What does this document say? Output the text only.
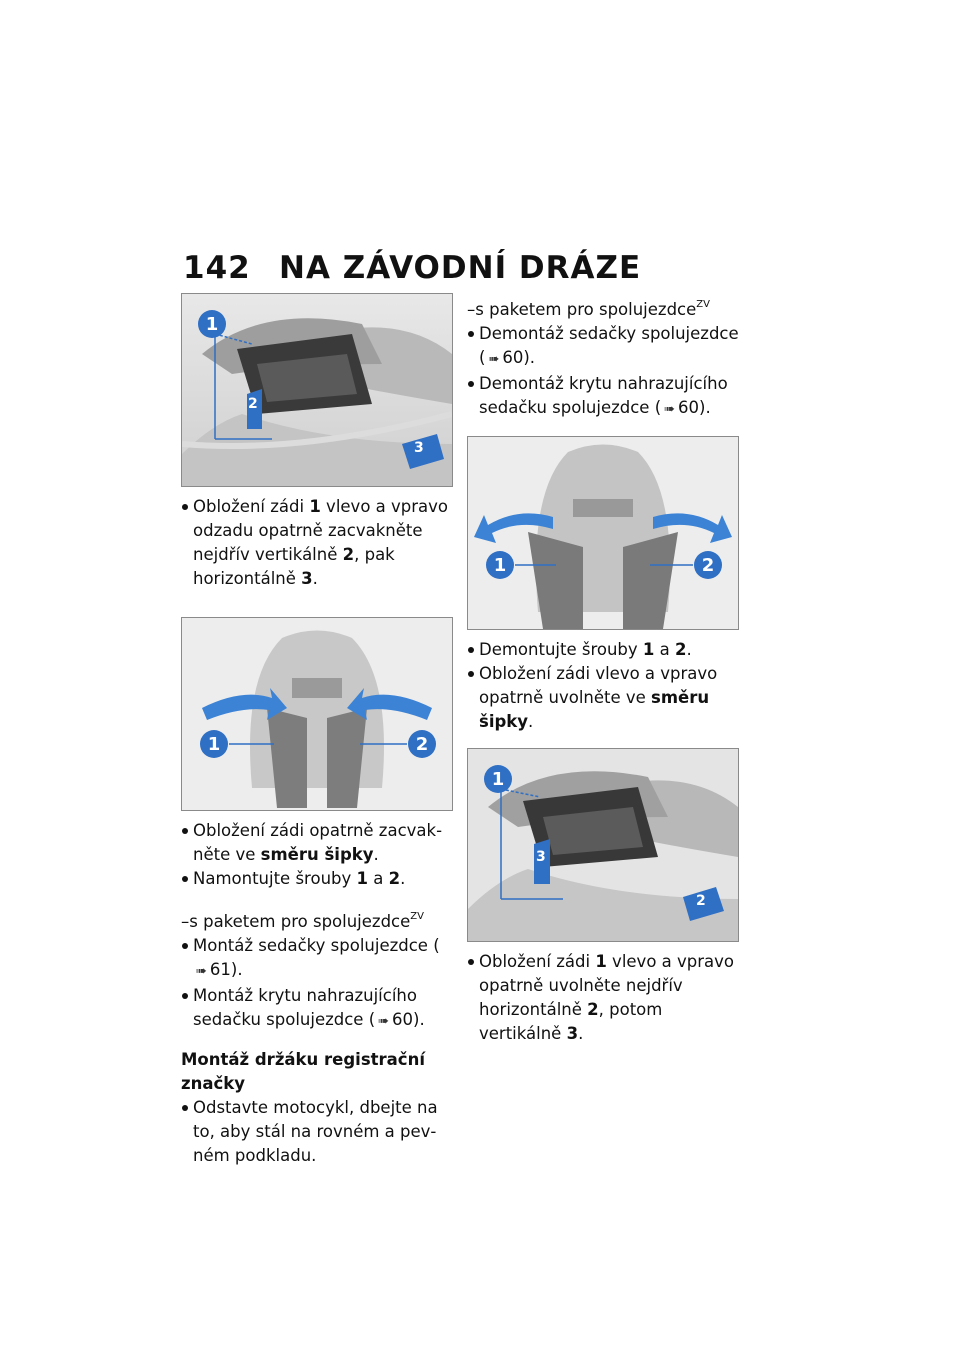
142 NA ZÁVODNÍ DRÁZE
1
2
3
Obložení zádi 1 vlevo a vpravo odzadu opatrně zacvakněte nejdřív vertikálně 2, pak horizontálně 3.
1	2
Obložení zádi opatrně zacvakněte ve směru šipky.
Namontujte šrouby 1 a 2.

–s paketem pro spolujezdce$^{ZV}$

Montáž sedačky spolujezdce (➠ 61).
Montáž krytu nahrazujícího sedačku spolujezdce ( ➠ 60).

Montáž držáku registrační značky

Odstavte motocykl, dbejte na to, aby stál na rovném a pevném podkladu.

–s paketem pro spolujezdce$^{ZV}$

Demontáž sedačky spolujezdce ( ➠ 60).
Demontáž krytu nahrazujícího sedačku spolujezdce ( ➠ 60).
1	2
Demontujte šrouby 1 a 2.
Obložení zádi vlevo a vpravo opatrně uvolněte ve směru šipky.
1
2
3
Obložení zádi 1 vlevo a vpravo opatrně uvolněte nejdřív horizontálně 2, potom vertikálně 3.
